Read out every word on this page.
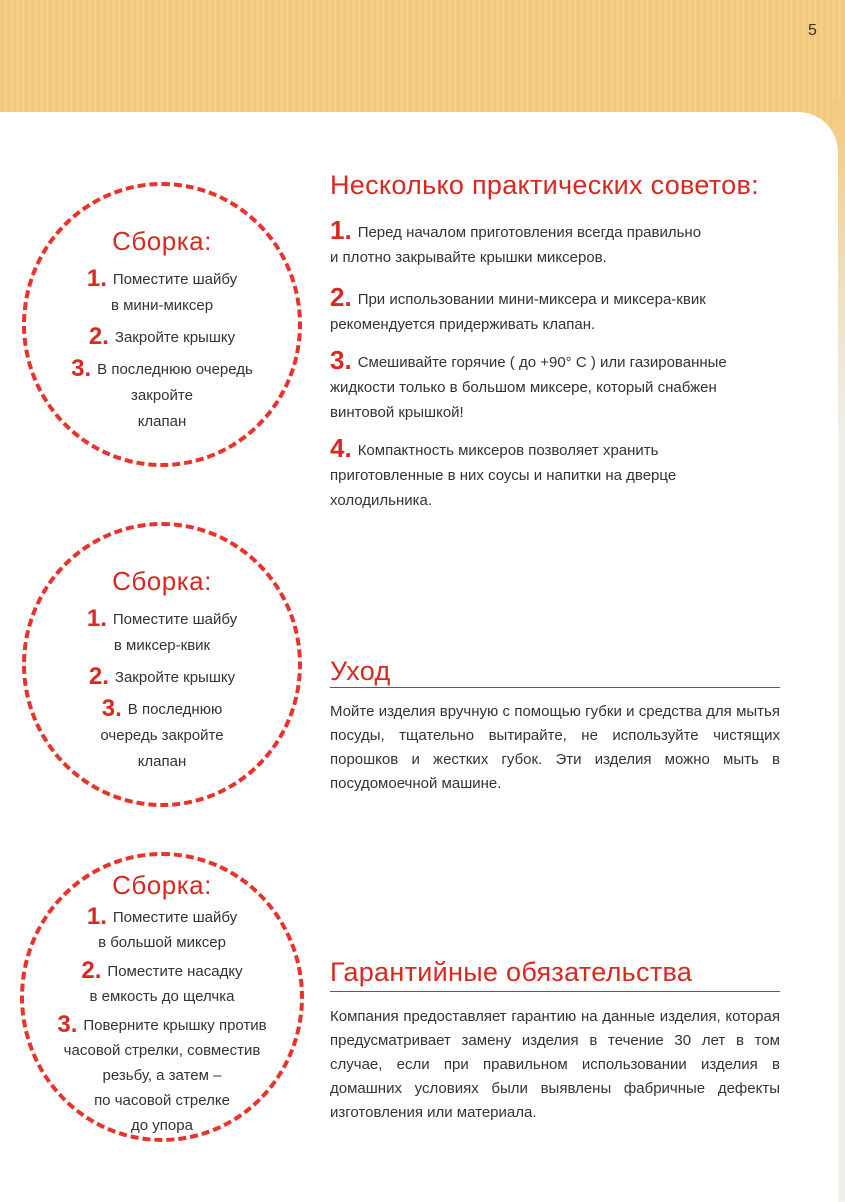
5
Сборка:
1. Поместите шайбу
в мини-миксер
2. Закройте крышку
3. В последнюю очередь
закройте
клапан
Сборка:
1. Поместите шайбу
в миксер-квик
2. Закройте крышку
3. В последнюю
очередь закройте
клапан
Сборка:
1. Поместите шайбу
в большой миксер
2. Поместите насадку
в емкость до щелчка
3. Поверните крышку против
часовой стрелки, совместив
резьбу, а затем –
по часовой стрелке
до упора
Несколько практических советов:
1. Перед началом приготовления всегда правильно
и плотно закрывайте крышки миксеров.
2. При использовании мини-миксера и миксера-квик
рекомендуется придерживать клапан.
3. Смешивайте горячие ( до +90° C ) или газированные
жидкости только в большом миксере, который снабжен
винтовой крышкой!
4. Компактность миксеров позволяет хранить
приготовленные в них соусы и напитки на дверце
холодильника.
Уход
Мойте изделия вручную с помощью губки и средства для мытья посуды, тщательно вытирайте, не используйте чистящих порошков и жестких губок. Эти изделия можно мыть в посудомоечной машине.
Гарантийные обязательства
Компания предоставляет гарантию на данные изделия, которая предусматривает замену изделия в течение 30 лет в том случае, если при правильном использовании изделия в домашних условиях были выявлены фабричные дефекты изготовления или материала.
